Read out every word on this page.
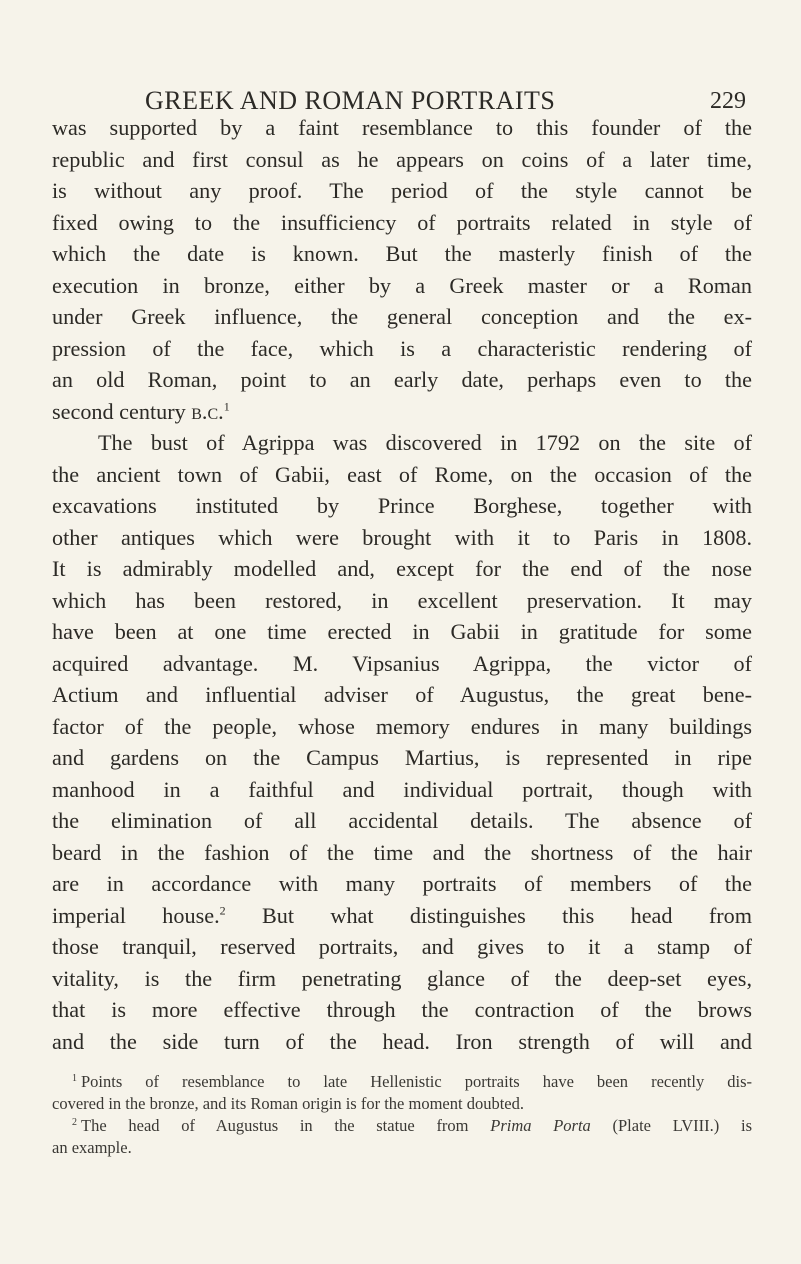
GREEK AND ROMAN PORTRAITS	229
was supported by a faint resemblance to this founder of the
republic and first consul as he appears on coins of a later time,
is without any proof. The period of the style cannot be
fixed owing to the insufficiency of portraits related in style of
which the date is known. But the masterly finish of the
execution in bronze, either by a Greek master or a Roman
under Greek influence, the general conception and the ex-
pression of the face, which is a characteristic rendering of
an old Roman, point to an early date, perhaps even to the
second century b.c.$^1$
The bust of Agrippa was discovered in 1792 on the site of
the ancient town of Gabii, east of Rome, on the occasion of the
excavations instituted by Prince Borghese, together with
other antiques which were brought with it to Paris in 1808.
It is admirably modelled and, except for the end of the nose
which has been restored, in excellent preservation. It may
have been at one time erected in Gabii in gratitude for some
acquired advantage. M. Vipsanius Agrippa, the victor of
Actium and influential adviser of Augustus, the great bene-
factor of the people, whose memory endures in many buildings
and gardens on the Campus Martius, is represented in ripe
manhood in a faithful and individual portrait, though with
the elimination of all accidental details. The absence of
beard in the fashion of the time and the shortness of the hair
are in accordance with many portraits of members of the
imperial house.$^2$ But what distinguishes this head from
those tranquil, reserved portraits, and gives to it a stamp of
vitality, is the firm penetrating glance of the deep-set eyes,
that is more effective through the contraction of the brows
and the side turn of the head. Iron strength of will and
$^1$ Points of resemblance to late Hellenistic portraits have been recently dis-
covered in the bronze, and its Roman origin is for the moment doubted.
$^2$ The head of Augustus in the statue from Prima Porta (Plate LVIII.) is
an example.
